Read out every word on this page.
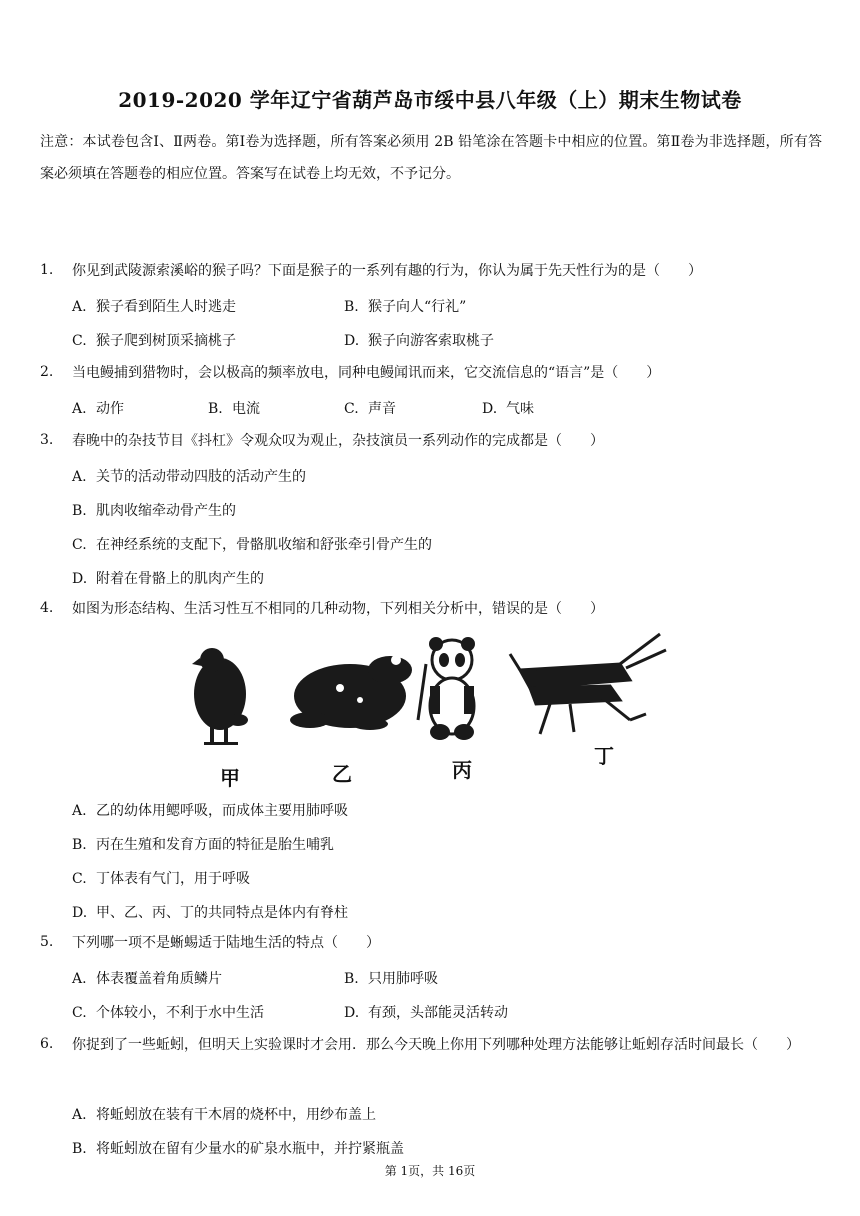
2019-2020 学年辽宁省葫芦岛市绥中县八年级（上）期末生物试卷
注意：本试卷包含Ⅰ、Ⅱ两卷。第Ⅰ卷为选择题，所有答案必须用 2B 铅笔涂在答题卡中相应的位置。第Ⅱ卷为非选择题，所有答案必须填在答题卷的相应位置。答案写在试卷上均无效，不予记分。
1. 你见到武陵源索溪峪的猴子吗？下面是猴子的一系列有趣的行为，你认为属于先天性行为的是（　　）
A. 猴子看到陌生人时逃走	B. 猴子向人“行礼”
C. 猴子爬到树顶采摘桃子	D. 猴子向游客索取桃子
2. 当电鳗捕到猎物时，会以极高的频率放电，同种电鳗闻讯而来，它交流信息的“语言”是（　　）
A. 动作	B. 电流	C. 声音	D. 气味
3. 春晚中的杂技节目《抖杠》令观众叹为观止，杂技演员一系列动作的完成都是（　　）
A. 关节的活动带动四肢的活动产生的
B. 肌肉收缩牵动骨产生的
C. 在神经系统的支配下，骨骼肌收缩和舒张牵引骨产生的
D. 附着在骨骼上的肌肉产生的
4. 如图为形态结构、生活习性互不相同的几种动物，下列相关分析中，错误的是（　　）
甲	乙	丙
丁
A. 乙的幼体用鳃呼吸，而成体主要用肺呼吸
B. 丙在生殖和发育方面的特征是胎生哺乳
C. 丁体表有气门，用于呼吸
D. 甲、乙、丙、丁的共同特点是体内有脊柱
5. 下列哪一项不是蜥蜴适于陆地生活的特点（　　）
A. 体表覆盖着角质鳞片	B. 只用肺呼吸
C. 个体较小，不利于水中生活	D. 有颈，头部能灵活转动
6. 你捉到了一些蚯蚓，但明天上实验课时才会用．那么今天晚上你用下列哪种处理方法能够让蚯蚓存活时间最长（　　）
A. 将蚯蚓放在装有干木屑的烧杯中，用纱布盖上
B. 将蚯蚓放在留有少量水的矿泉水瓶中，并拧紧瓶盖
第 1页，共 16页
